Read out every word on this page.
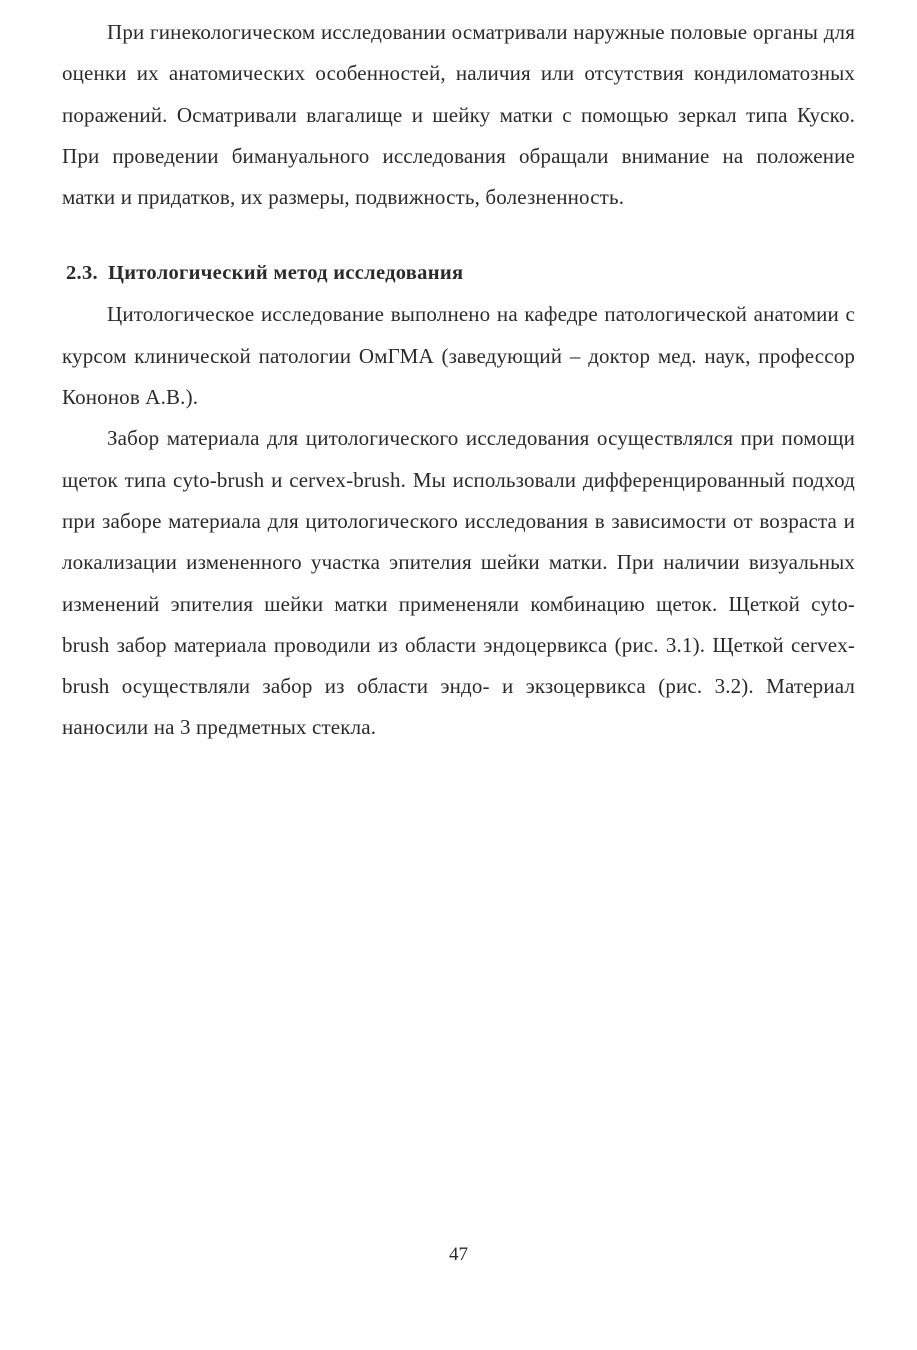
При гинекологическом исследовании осматривали наружные половые органы для оценки их анатомических особенностей, наличия или отсутствия кондиломатозных поражений. Осматривали влагалище и шейку матки с помощью зеркал типа Куско. При проведении бимануального исследования обращали внимание на положение матки и придатков, их размеры, подвижность, болезненность.

2.3. Цитологический метод исследования

Цитологическое исследование выполнено на кафедре патологической анатомии с курсом клинической патологии ОмГМА (заведующий – доктор мед. наук, профессор Кононов А.В.).

Забор материала для цитологического исследования осуществлялся при помощи щеток типа cyto-brush и cervex-brush. Мы использовали дифференцированный подход при заборе материала для цитологического исследования в зависимости от возраста и локализации измененного участка эпителия шейки матки. При наличии визуальных изменений эпителия шейки матки примененяли комбинацию щеток. Щеткой cyto-brush забор материала проводили из области эндоцервикса (рис. 3.1). Щеткой cervex-brush осуществляли забор из области эндо- и экзоцервикса (рис. 3.2). Материал наносили на 3 предметных стекла.

47
